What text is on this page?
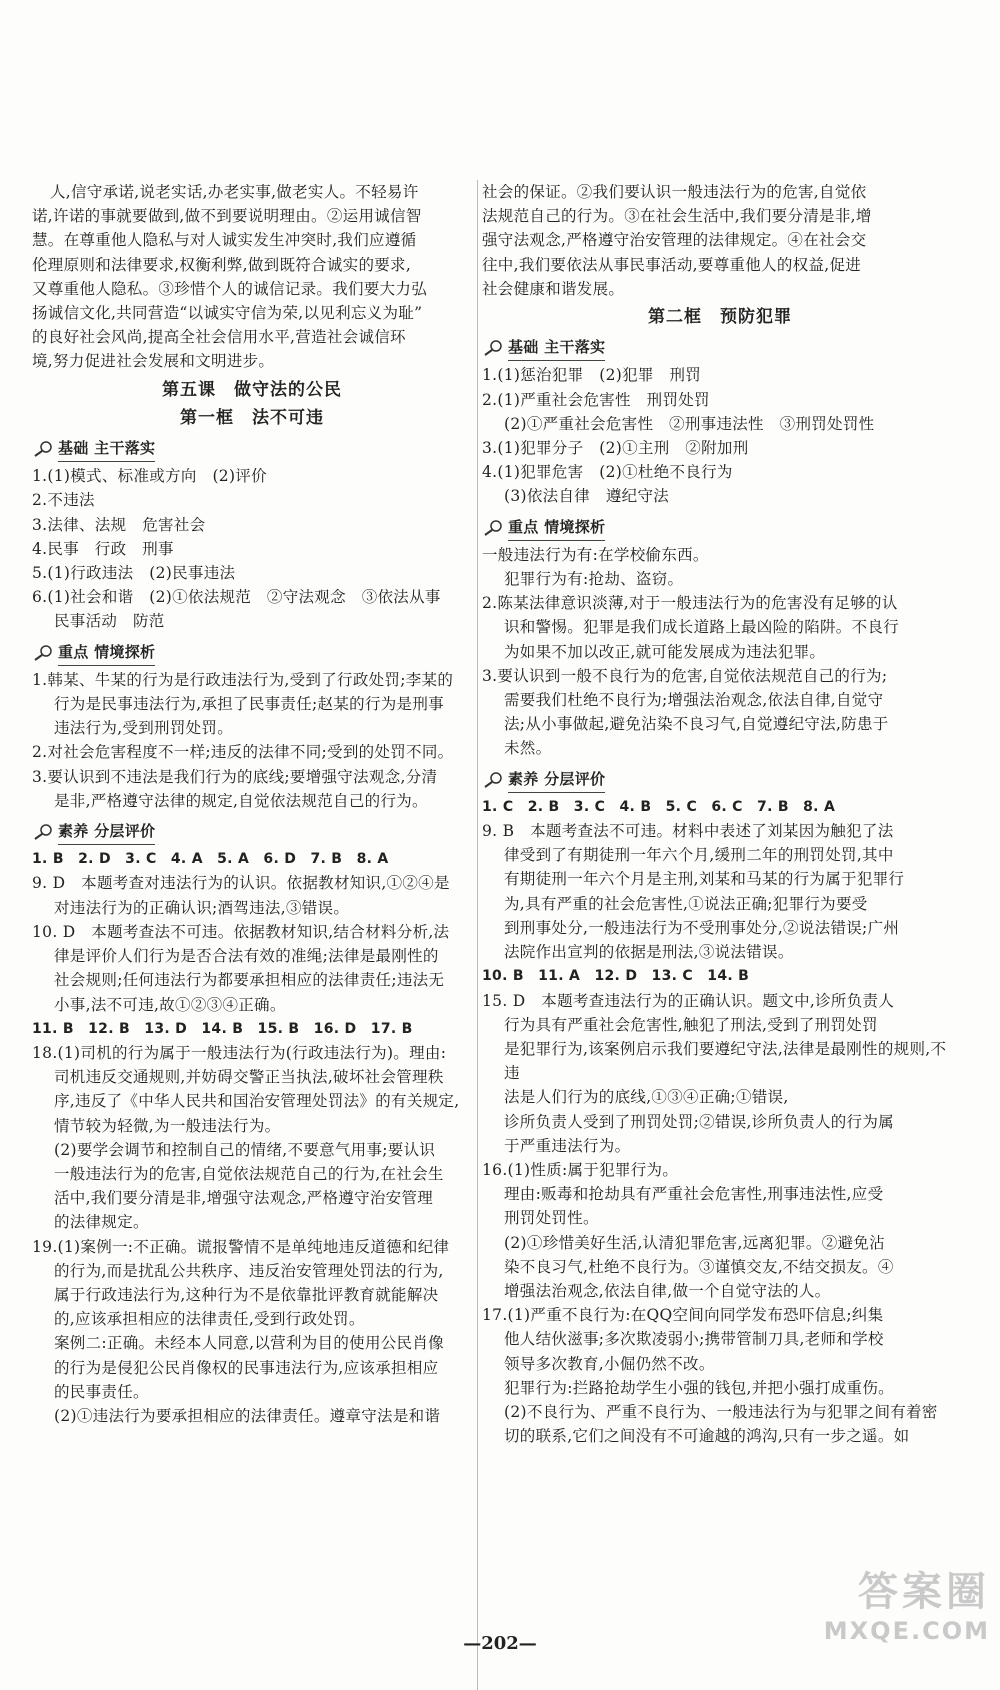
人,信守承诺,说老实话,办老实事,做老实人。不轻易许

诺,许诺的事就要做到,做不到要说明理由。②运用诚信智

慧。在尊重他人隐私与对人诚实发生冲突时,我们应遵循

伦理原则和法律要求,权衡利弊,做到既符合诚实的要求,

又尊重他人隐私。③珍惜个人的诚信记录。我们要大力弘

扬诚信文化,共同营造“以诚实守信为荣,以见利忘义为耻”

的良好社会风尚,提高全社会信用水平,营造社会诚信环

境,努力促进社会发展和文明进步。

第五课　做守法的公民
第一框　法不可违
基础 主干落实

1.(1)模式、标准或方向　(2)评价

2.不违法

3.法律、法规　危害社会

4.民事　行政　刑事

5.(1)行政违法　(2)民事违法

6.(1)社会和谐　(2)①依法规范　②守法观念　③依法从事

民事活动　防范

重点 情境探析

1.韩某、牛某的行为是行政违法行为,受到了行政处罚;李某的

行为是民事违法行为,承担了民事责任;赵某的行为是刑事

违法行为,受到刑罚处罚。

2.对社会危害程度不一样;违反的法律不同;受到的处罚不同。

3.要认识到不违法是我们行为的底线;要增强守法观念,分清

是非,严格遵守法律的规定,自觉依法规范自己的行为。

素养 分层评价

1. B　2. D　3. C　4. A　5. A　6. D　7. B　8. A

9. D　本题考查对违法行为的认识。依据教材知识,①②④是

对违法行为的正确认识;酒驾违法,③错误。

10. D　本题考查法不可违。依据教材知识,结合材料分析,法

律是评价人们行为是否合法有效的准绳;法律是最刚性的

社会规则;任何违法行为都要承担相应的法律责任;违法无

小事,法不可违,故①②③④正确。

11. B　12. B　13. D　14. B　15. B　16. D　17. B

18.(1)司机的行为属于一般违法行为(行政违法行为)。理由:

司机违反交通规则,并妨碍交警正当执法,破坏社会管理秩

序,违反了《中华人民共和国治安管理处罚法》的有关规定,

情节较为轻微,为一般违法行为。

(2)要学会调节和控制自己的情绪,不要意气用事;要认识

一般违法行为的危害,自觉依法规范自己的行为,在社会生

活中,我们要分清是非,增强守法观念,严格遵守治安管理

的法律规定。

19.(1)案例一:不正确。谎报警情不是单纯地违反道德和纪律

的行为,而是扰乱公共秩序、违反治安管理处罚法的行为,

属于行政违法行为,这种行为不是依靠批评教育就能解决

的,应该承担相应的法律责任,受到行政处罚。

案例二:正确。未经本人同意,以营利为目的使用公民肖像

的行为是侵犯公民肖像权的民事违法行为,应该承担相应

的民事责任。

(2)①违法行为要承担相应的法律责任。遵章守法是和谐

社会的保证。②我们要认识一般违法行为的危害,自觉依

法规范自己的行为。③在社会生活中,我们要分清是非,增

强守法观念,严格遵守治安管理的法律规定。④在社会交

往中,我们要依法从事民事活动,要尊重他人的权益,促进

社会健康和谐发展。

第二框　预防犯罪
基础 主干落实

1.(1)惩治犯罪　(2)犯罪　刑罚

2.(1)严重社会危害性　刑罚处罚

(2)①严重社会危害性　②刑事违法性　③刑罚处罚性

3.(1)犯罪分子　(2)①主刑　②附加刑

4.(1)犯罪危害　(2)①杜绝不良行为

(3)依法自律　遵纪守法

重点 情境探析

一般违法行为有:在学校偷东西。

犯罪行为有:抢劫、盗窃。

2.陈某法律意识淡薄,对于一般违法行为的危害没有足够的认

识和警惕。犯罪是我们成长道路上最凶险的陷阱。不良行

为如果不加以改正,就可能发展成为违法犯罪。

3.要认识到一般不良行为的危害,自觉依法规范自己的行为;

需要我们杜绝不良行为;增强法治观念,依法自律,自觉守

法;从小事做起,避免沾染不良习气,自觉遵纪守法,防患于

未然。

素养 分层评价

1. C　2. B　3. C　4. B　5. C　6. C　7. B　8. A

9. B　本题考查法不可违。材料中表述了刘某因为触犯了法

律受到了有期徒刑一年六个月,缓刑二年的刑罚处罚,其中

有期徒刑一年六个月是主刑,刘某和马某的行为属于犯罪行

为,具有严重的社会危害性,①说法正确;犯罪行为要受

到刑事处分,一般违法行为不受刑事处分,②说法错误;广州

法院作出宣判的依据是刑法,③说法错误。

10. B　11. A　12. D　13. C　14. B

15. D　本题考查违法行为的正确认识。题文中,诊所负责人

行为具有严重社会危害性,触犯了刑法,受到了刑罚处罚

是犯罪行为,该案例启示我们要遵纪守法,法律是最刚性的规则,不违

法是人们行为的底线,①③④正确;①错误,

诊所负责人受到了刑罚处罚;②错误,诊所负责人的行为属

于严重违法行为。

16.(1)性质:属于犯罪行为。

理由:贩毒和抢劫具有严重社会危害性,刑事违法性,应受

刑罚处罚性。

(2)①珍惜美好生活,认清犯罪危害,远离犯罪。②避免沾

染不良习气,杜绝不良行为。③谨慎交友,不结交损友。④

增强法治观念,依法自律,做一个自觉守法的人。

17.(1)严重不良行为:在QQ空间向同学发布恐吓信息;纠集

他人结伙滋事;多次欺凌弱小;携带管制刀具,老师和学校

领导多次教育,小倔仍然不改。

犯罪行为:拦路抢劫学生小强的钱包,并把小强打成重伤。

(2)不良行为、严重不良行为、一般违法行为与犯罪之间有着密

切的联系,它们之间没有不可逾越的鸿沟,只有一步之遥。如

—202—
答案圈
MXQE.COM
